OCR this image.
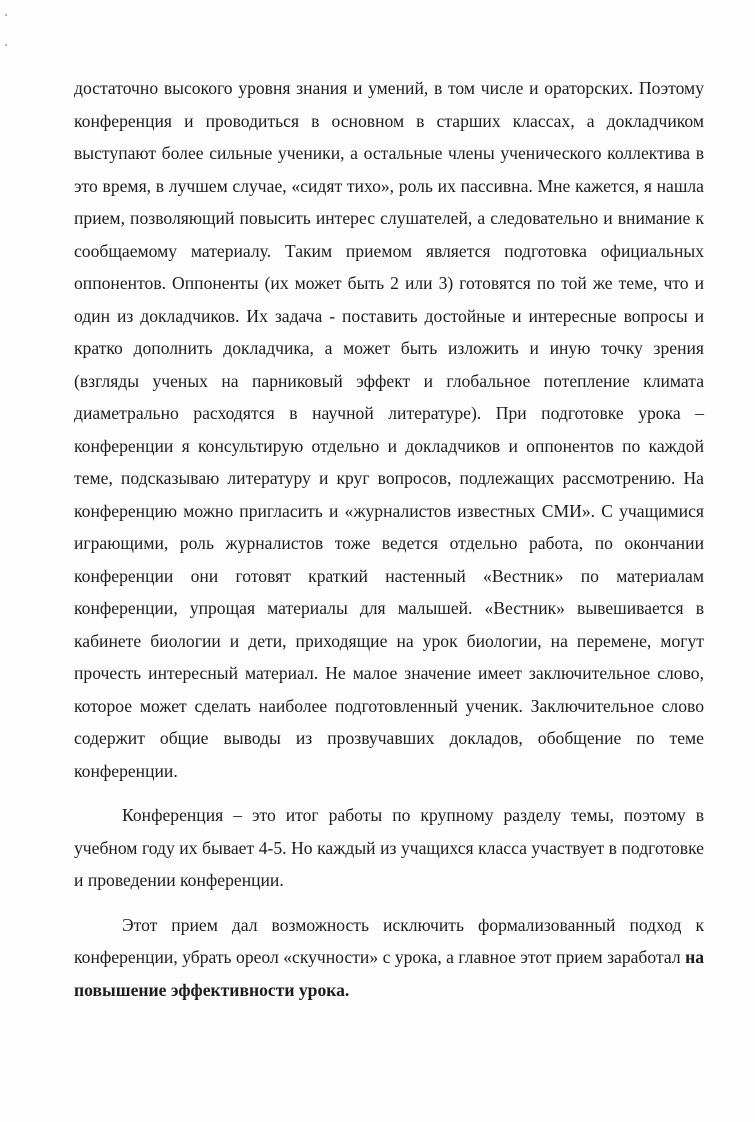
достаточно высокого уровня знания и умений, в том числе и ораторских. Поэтому конференция и проводиться в основном в старших классах, а докладчиком выступают более сильные ученики, а остальные члены ученического коллектива в это время, в лучшем случае, «сидят тихо», роль их пассивна. Мне кажется, я нашла прием, позволяющий повысить интерес слушателей, а следовательно и внимание к сообщаемому материалу. Таким приемом является подготовка официальных оппонентов. Оппоненты (их может быть 2 или 3) готовятся по той же теме, что и один из докладчиков. Их задача - поставить достойные и интересные вопросы и кратко дополнить докладчика, а может быть изложить и иную точку зрения (взгляды ученых на парниковый эффект и глобальное потепление климата диаметрально расходятся в научной литературе). При подготовке урока – конференции я консультирую отдельно и докладчиков и оппонентов по каждой теме, подсказываю литературу и круг вопросов, подлежащих рассмотрению. На конференцию можно пригласить и «журналистов известных СМИ». С учащимися играющими, роль журналистов тоже ведется отдельно работа, по окончании конференции они готовят краткий настенный «Вестник» по материалам конференции, упрощая материалы для малышей. «Вестник» вывешивается в кабинете биологии и дети, приходящие на урок биологии, на перемене, могут прочесть интересный материал. Не малое значение имеет заключительное слово, которое может сделать наиболее подготовленный ученик. Заключительное слово содержит общие выводы из прозвучавших докладов, обобщение по теме конференции.

Конференция – это итог работы по крупному разделу темы, поэтому в учебном году их бывает 4-5. Но каждый из учащихся класса участвует в подготовке и проведении конференции.

Этот прием дал возможность исключить формализованный подход к конференции, убрать ореол «скучности» с урока, а главное этот прием заработал на повышение эффективности урока.
